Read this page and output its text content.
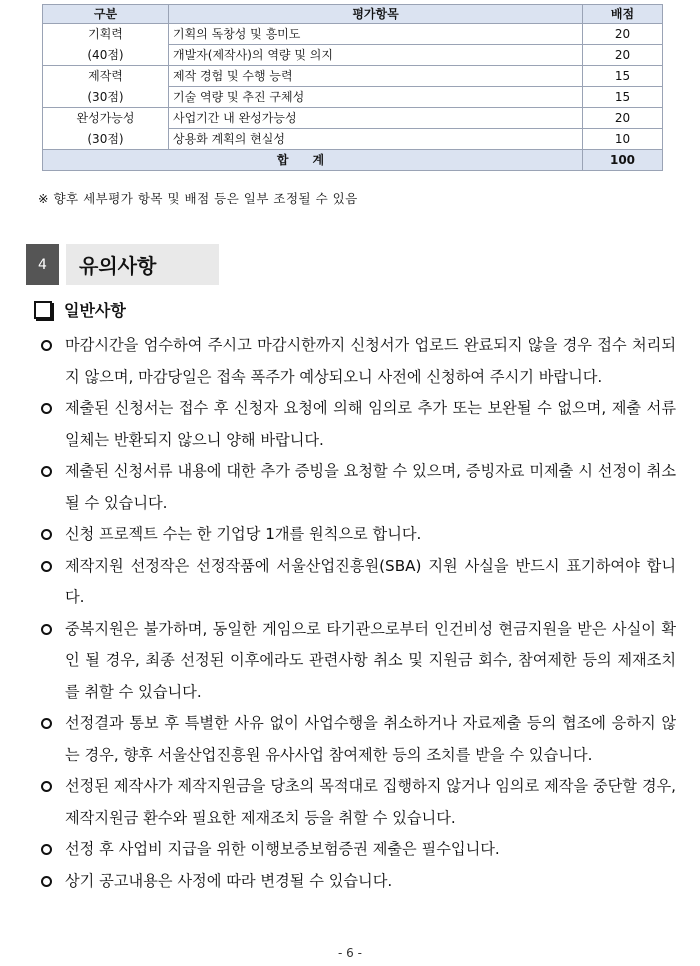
구분	평가항목	배점
기획력	기획의 독창성 및 흥미도	20
(40점)	개발자(제작사)의 역량 및 의지	20
제작력	제작 경험 및 수행 능력	15
(30점)	기술 역량 및 추진 구체성	15
완성가능성	사업기간 내 완성가능성	20
(30점)	상용화 계획의 현실성	10
합계		100
※ 향후 세부평가 항목 및 배점 등은 일부 조정될 수 있음
4	유의사항
일반사항
마감시간을 엄수하여 주시고 마감시한까지 신청서가 업로드 완료되지 않을 경우 접수 처리되지 않으며, 마감당일은 접속 폭주가 예상되오니 사전에 신청하여 주시기 바랍니다.
제출된 신청서는 접수 후 신청자 요청에 의해 임의로 추가 또는 보완될 수 없으며, 제출 서류 일체는 반환되지 않으니 양해 바랍니다.
제출된 신청서류 내용에 대한 추가 증빙을 요청할 수 있으며, 증빙자료 미제출 시 선정이 취소될 수 있습니다.
신청 프로젝트 수는 한 기업당 1개를 원칙으로 합니다.
제작지원 선정작은 선정작품에 서울산업진흥원(SBA) 지원 사실을 반드시 표기하여야 합니다.
중복지원은 불가하며, 동일한 게임으로 타기관으로부터 인건비성 현금지원을 받은 사실이 확인 될 경우, 최종 선정된 이후에라도 관련사항 취소 및 지원금 회수, 참여제한 등의 제재조치를 취할 수 있습니다.
선정결과 통보 후 특별한 사유 없이 사업수행을 취소하거나 자료제출 등의 협조에 응하지 않는 경우, 향후 서울산업진흥원 유사사업 참여제한 등의 조치를 받을 수 있습니다.
선정된 제작사가 제작지원금을 당초의 목적대로 집행하지 않거나 임의로 제작을 중단할 경우, 제작지원금 환수와 필요한 제재조치 등을 취할 수 있습니다.
선정 후 사업비 지급을 위한 이행보증보험증권 제출은 필수입니다.
상기 공고내용은 사정에 따라 변경될 수 있습니다.
- 6 -
